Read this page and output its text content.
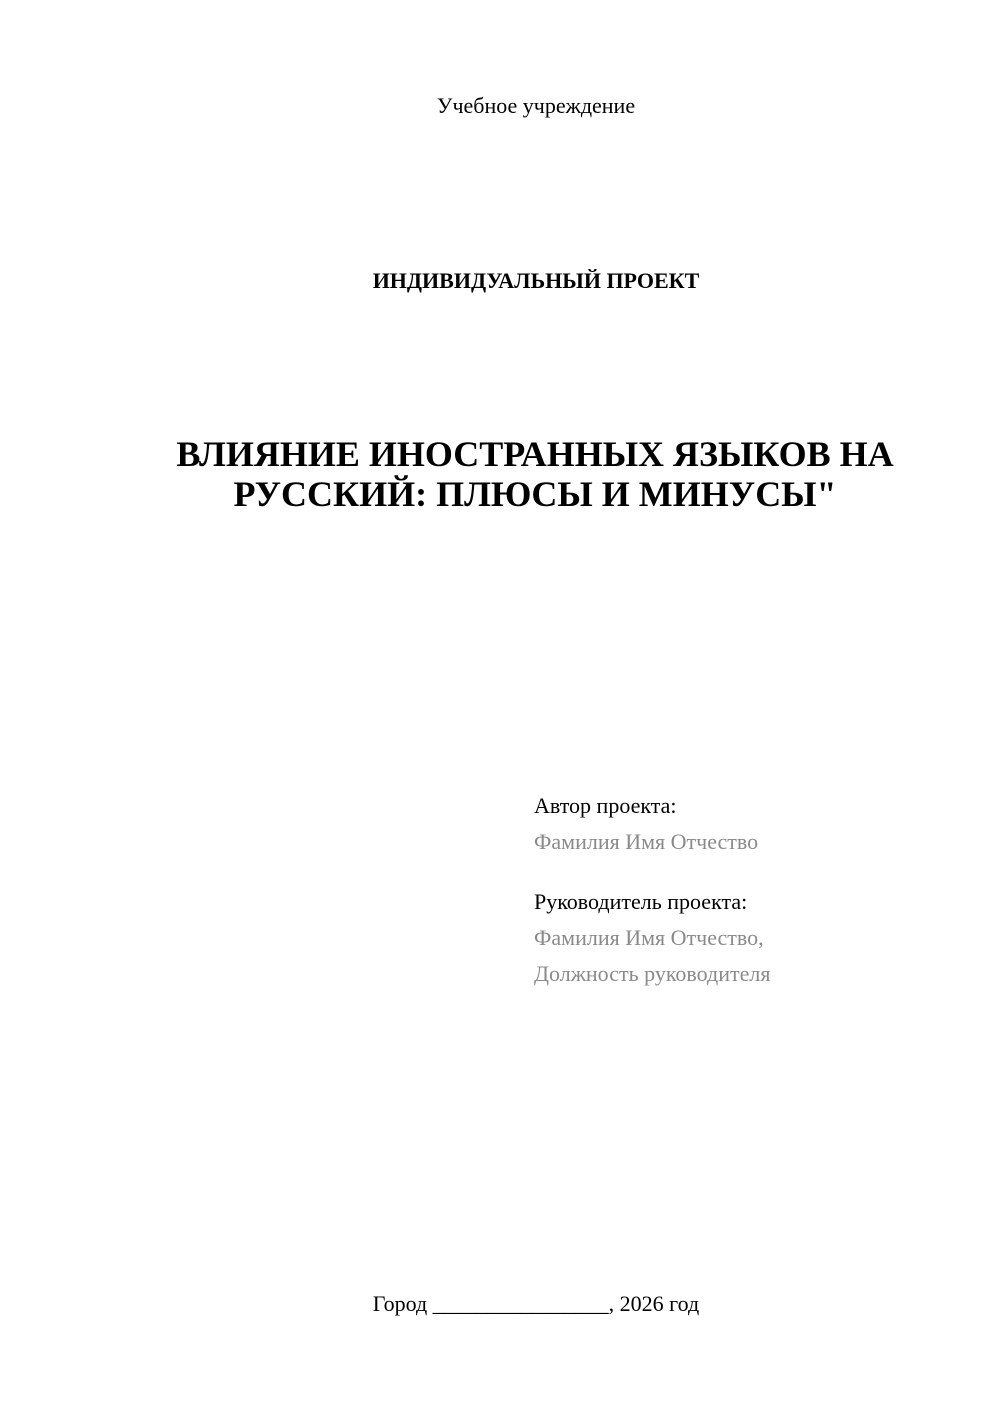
Учебное учреждение
ИНДИВИДУАЛЬНЫЙ ПРОЕКТ
ВЛИЯНИЕ ИНОСТРАННЫХ ЯЗЫКОВ НА
РУССКИЙ: ПЛЮСЫ И МИНУСЫ"
Автор проекта:
Фамилия Имя Отчество
Руководитель проекта:
Фамилия Имя Отчество,
Должность руководителя
Город ________________, 2026 год
